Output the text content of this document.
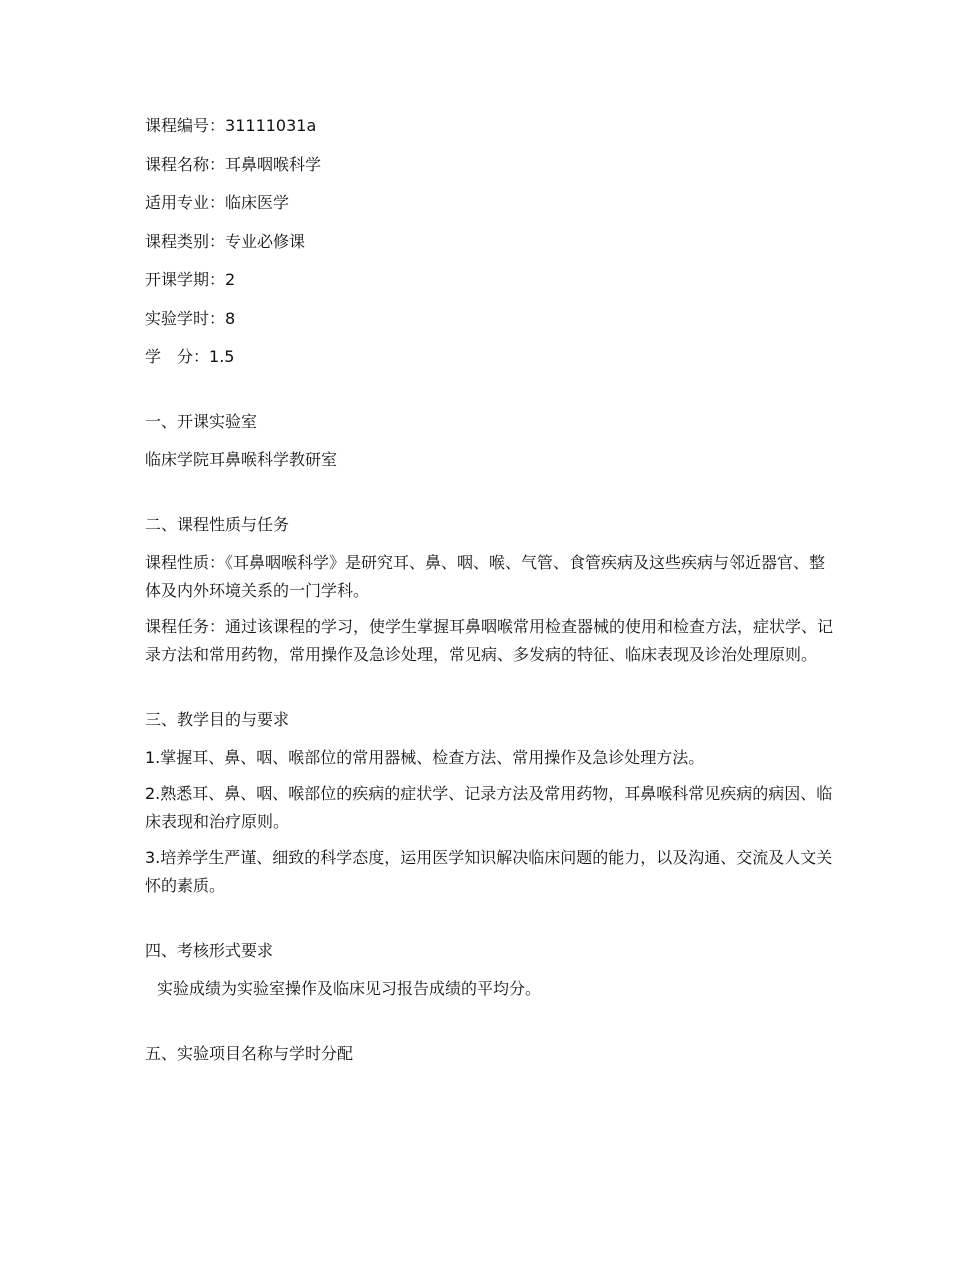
课程编号：31111031a
课程名称：耳鼻咽喉科学
适用专业：临床医学
课程类别：专业必修课
开课学期：2
实验学时：8
学　分：1.5
一、开课实验室

临床学院耳鼻喉科学教研室

二、课程性质与任务

课程性质：《耳鼻咽喉科学》是研究耳、鼻、咽、喉、气管、食管疾病及这些疾病与邻近器官、整体及内外环境关系的一门学科。

课程任务：通过该课程的学习，使学生掌握耳鼻咽喉常用检查器械的使用和检查方法，症状学、记录方法和常用药物，常用操作及急诊处理，常见病、多发病的特征、临床表现及诊治处理原则。

三、教学目的与要求

1.掌握耳、鼻、咽、喉部位的常用器械、检查方法、常用操作及急诊处理方法。

2.熟悉耳、鼻、咽、喉部位的疾病的症状学、记录方法及常用药物，耳鼻喉科常见疾病的病因、临床表现和治疗原则。

3.培养学生严谨、细致的科学态度，运用医学知识解决临床问题的能力，以及沟通、交流及人文关怀的素质。

四、考核形式要求

实验成绩为实验室操作及临床见习报告成绩的平均分。

五、实验项目名称与学时分配
